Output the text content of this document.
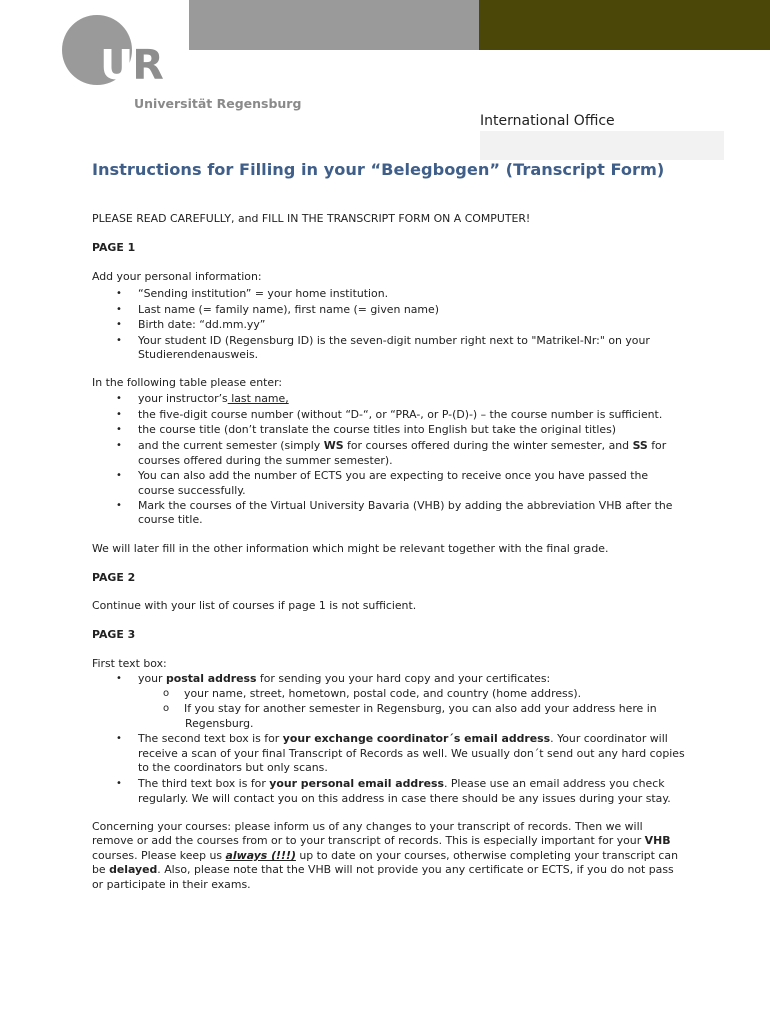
UR
Universität Regensburg
International Office
Instructions for Filling in your “Belegbogen” (Transcript Form)
PLEASE READ CAREFULLY, and FILL IN THE TRANSCRIPT FORM ON A COMPUTER!
PAGE 1
Add your personal information:
• “Sending institution” = your home institution.
• Last name (= family name), first name (= given name)
• Birth date: “dd.mm.yy”
• Your student ID (Regensburg ID) is the seven-digit number right next to "Matrikel-Nr:" on your
Studierendenausweis.
In the following table please enter:
• your instructor’s last name,
• the five-digit course number (without “D-“, or “PRA-, or P-(D)-) – the course number is sufficient.
• the course title (don’t translate the course titles into English but take the original titles)
• and the current semester (simply WS for courses offered during the winter semester, and SS for
courses offered during the summer semester).
• You can also add the number of ECTS you are expecting to receive once you have passed the
course successfully.
• Mark the courses of the Virtual University Bavaria (VHB) by adding the abbreviation VHB after the
course title.
We will later fill in the other information which might be relevant together with the final grade.
PAGE 2
Continue with your list of courses if page 1 is not sufficient.
PAGE 3
First text box:
• your postal address for sending you your hard copy and your certificates:
o your name, street, hometown, postal code, and country (home address).
o If you stay for another semester in Regensburg, you can also add your address here in
Regensburg.
• The second text box is for your exchange coordinator´s email address. Your coordinator will
receive a scan of your final Transcript of Records as well. We usually don´t send out any hard copies
to the coordinators but only scans.
• The third text box is for your personal email address. Please use an email address you check
regularly. We will contact you on this address in case there should be any issues during your stay.
Concerning your courses: please inform us of any changes to your transcript of records. Then we will
remove or add the courses from or to your transcript of records. This is especially important for your VHB
courses. Please keep us always (!!!) up to date on your courses, otherwise completing your transcript can
be delayed. Also, please note that the VHB will not provide you any certificate or ECTS, if you do not pass
or participate in their exams.
